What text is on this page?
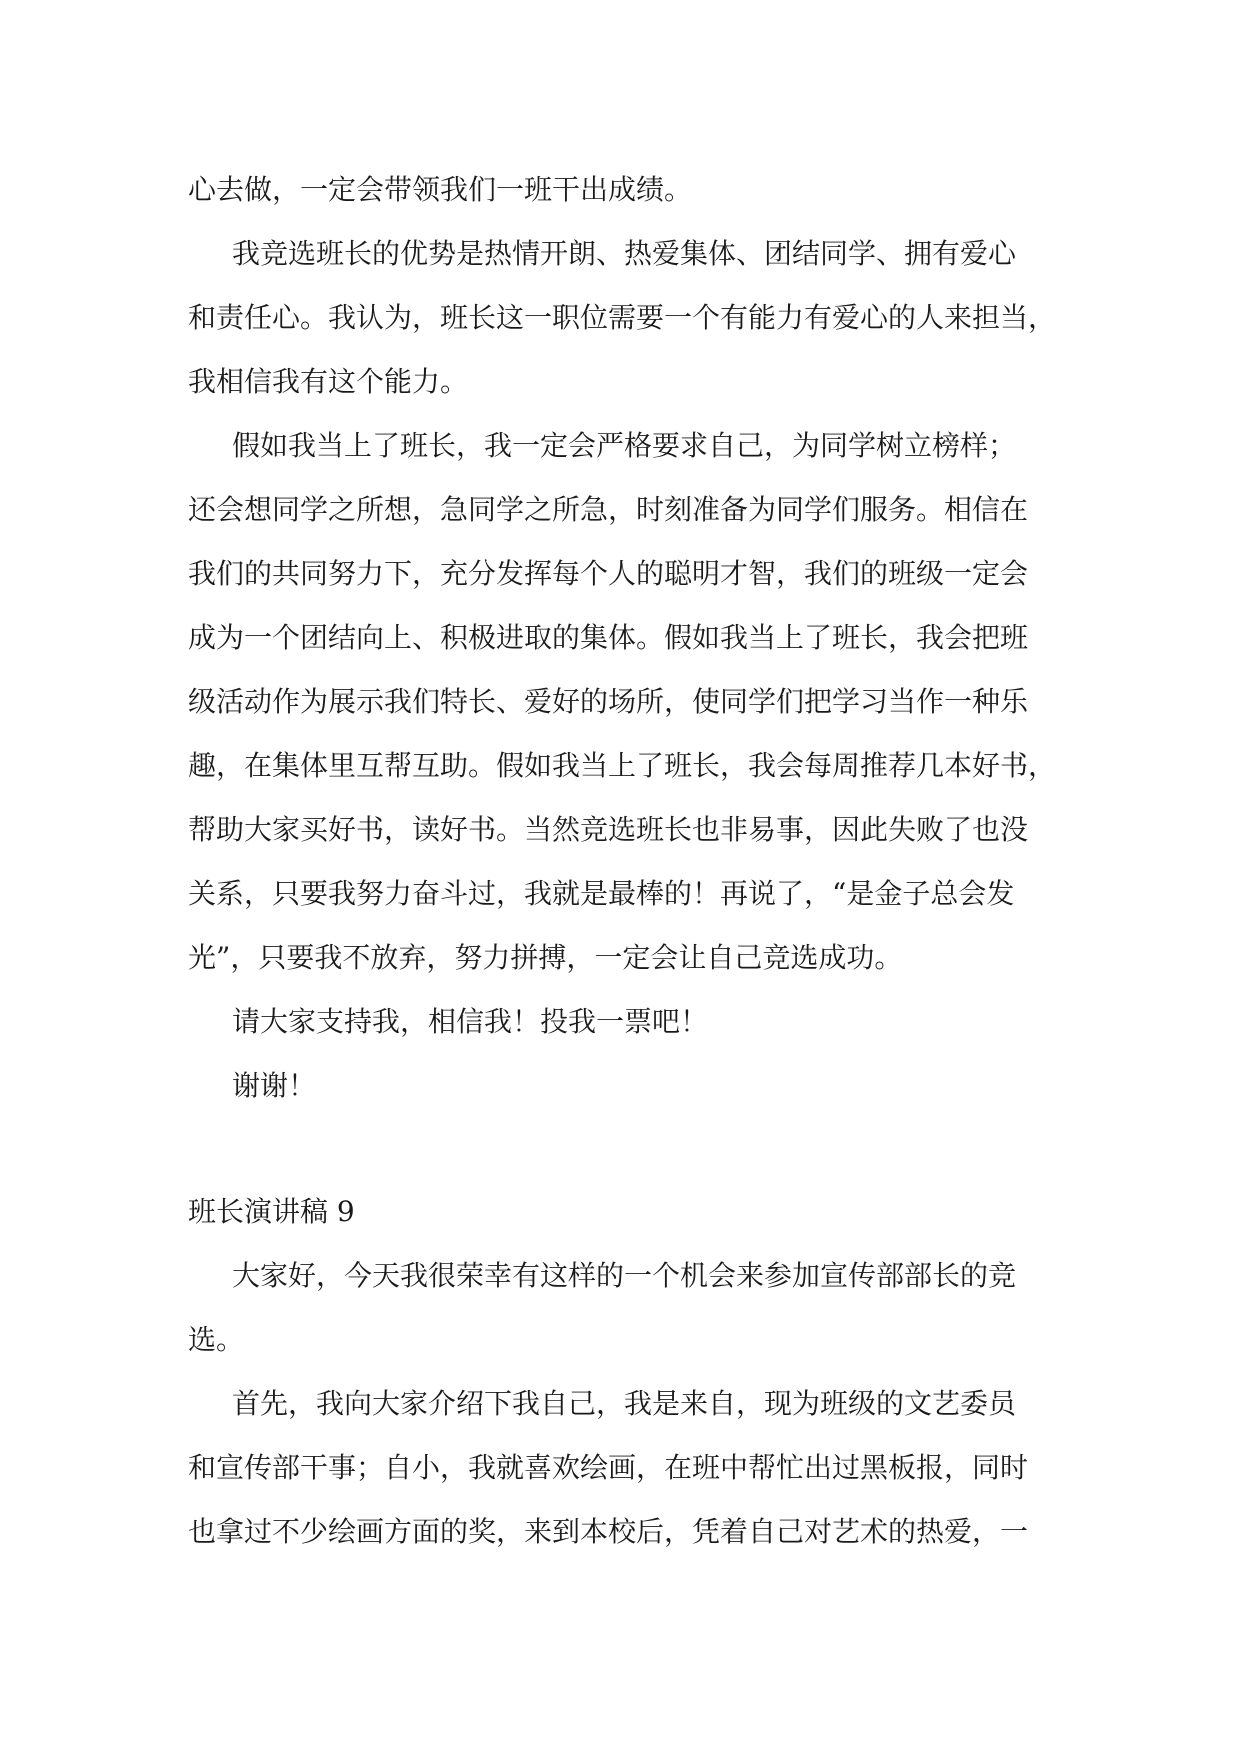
心去做，一定会带领我们一班干出成绩。
我竞选班长的优势是热情开朗、热爱集体、团结同学、拥有爱心
和责任心。我认为，班长这一职位需要一个有能力有爱心的人来担当，
我相信我有这个能力。
假如我当上了班长，我一定会严格要求自己，为同学树立榜样；
还会想同学之所想，急同学之所急，时刻准备为同学们服务。相信在
我们的共同努力下，充分发挥每个人的聪明才智，我们的班级一定会
成为一个团结向上、积极进取的集体。假如我当上了班长，我会把班
级活动作为展示我们特长、爱好的场所，使同学们把学习当作一种乐
趣，在集体里互帮互助。假如我当上了班长，我会每周推荐几本好书，
帮助大家买好书，读好书。当然竞选班长也非易事，因此失败了也没
关系，只要我努力奋斗过，我就是最棒的！再说了，“是金子总会发
光”，只要我不放弃，努力拼搏，一定会让自己竞选成功。
请大家支持我，相信我！投我一票吧！
谢谢！
班长演讲稿 9
大家好，今天我很荣幸有这样的一个机会来参加宣传部部长的竞
选。
首先，我向大家介绍下我自己，我是来自，现为班级的文艺委员
和宣传部干事；自小，我就喜欢绘画，在班中帮忙出过黑板报，同时
也拿过不少绘画方面的奖，来到本校后，凭着自己对艺术的热爱，一
